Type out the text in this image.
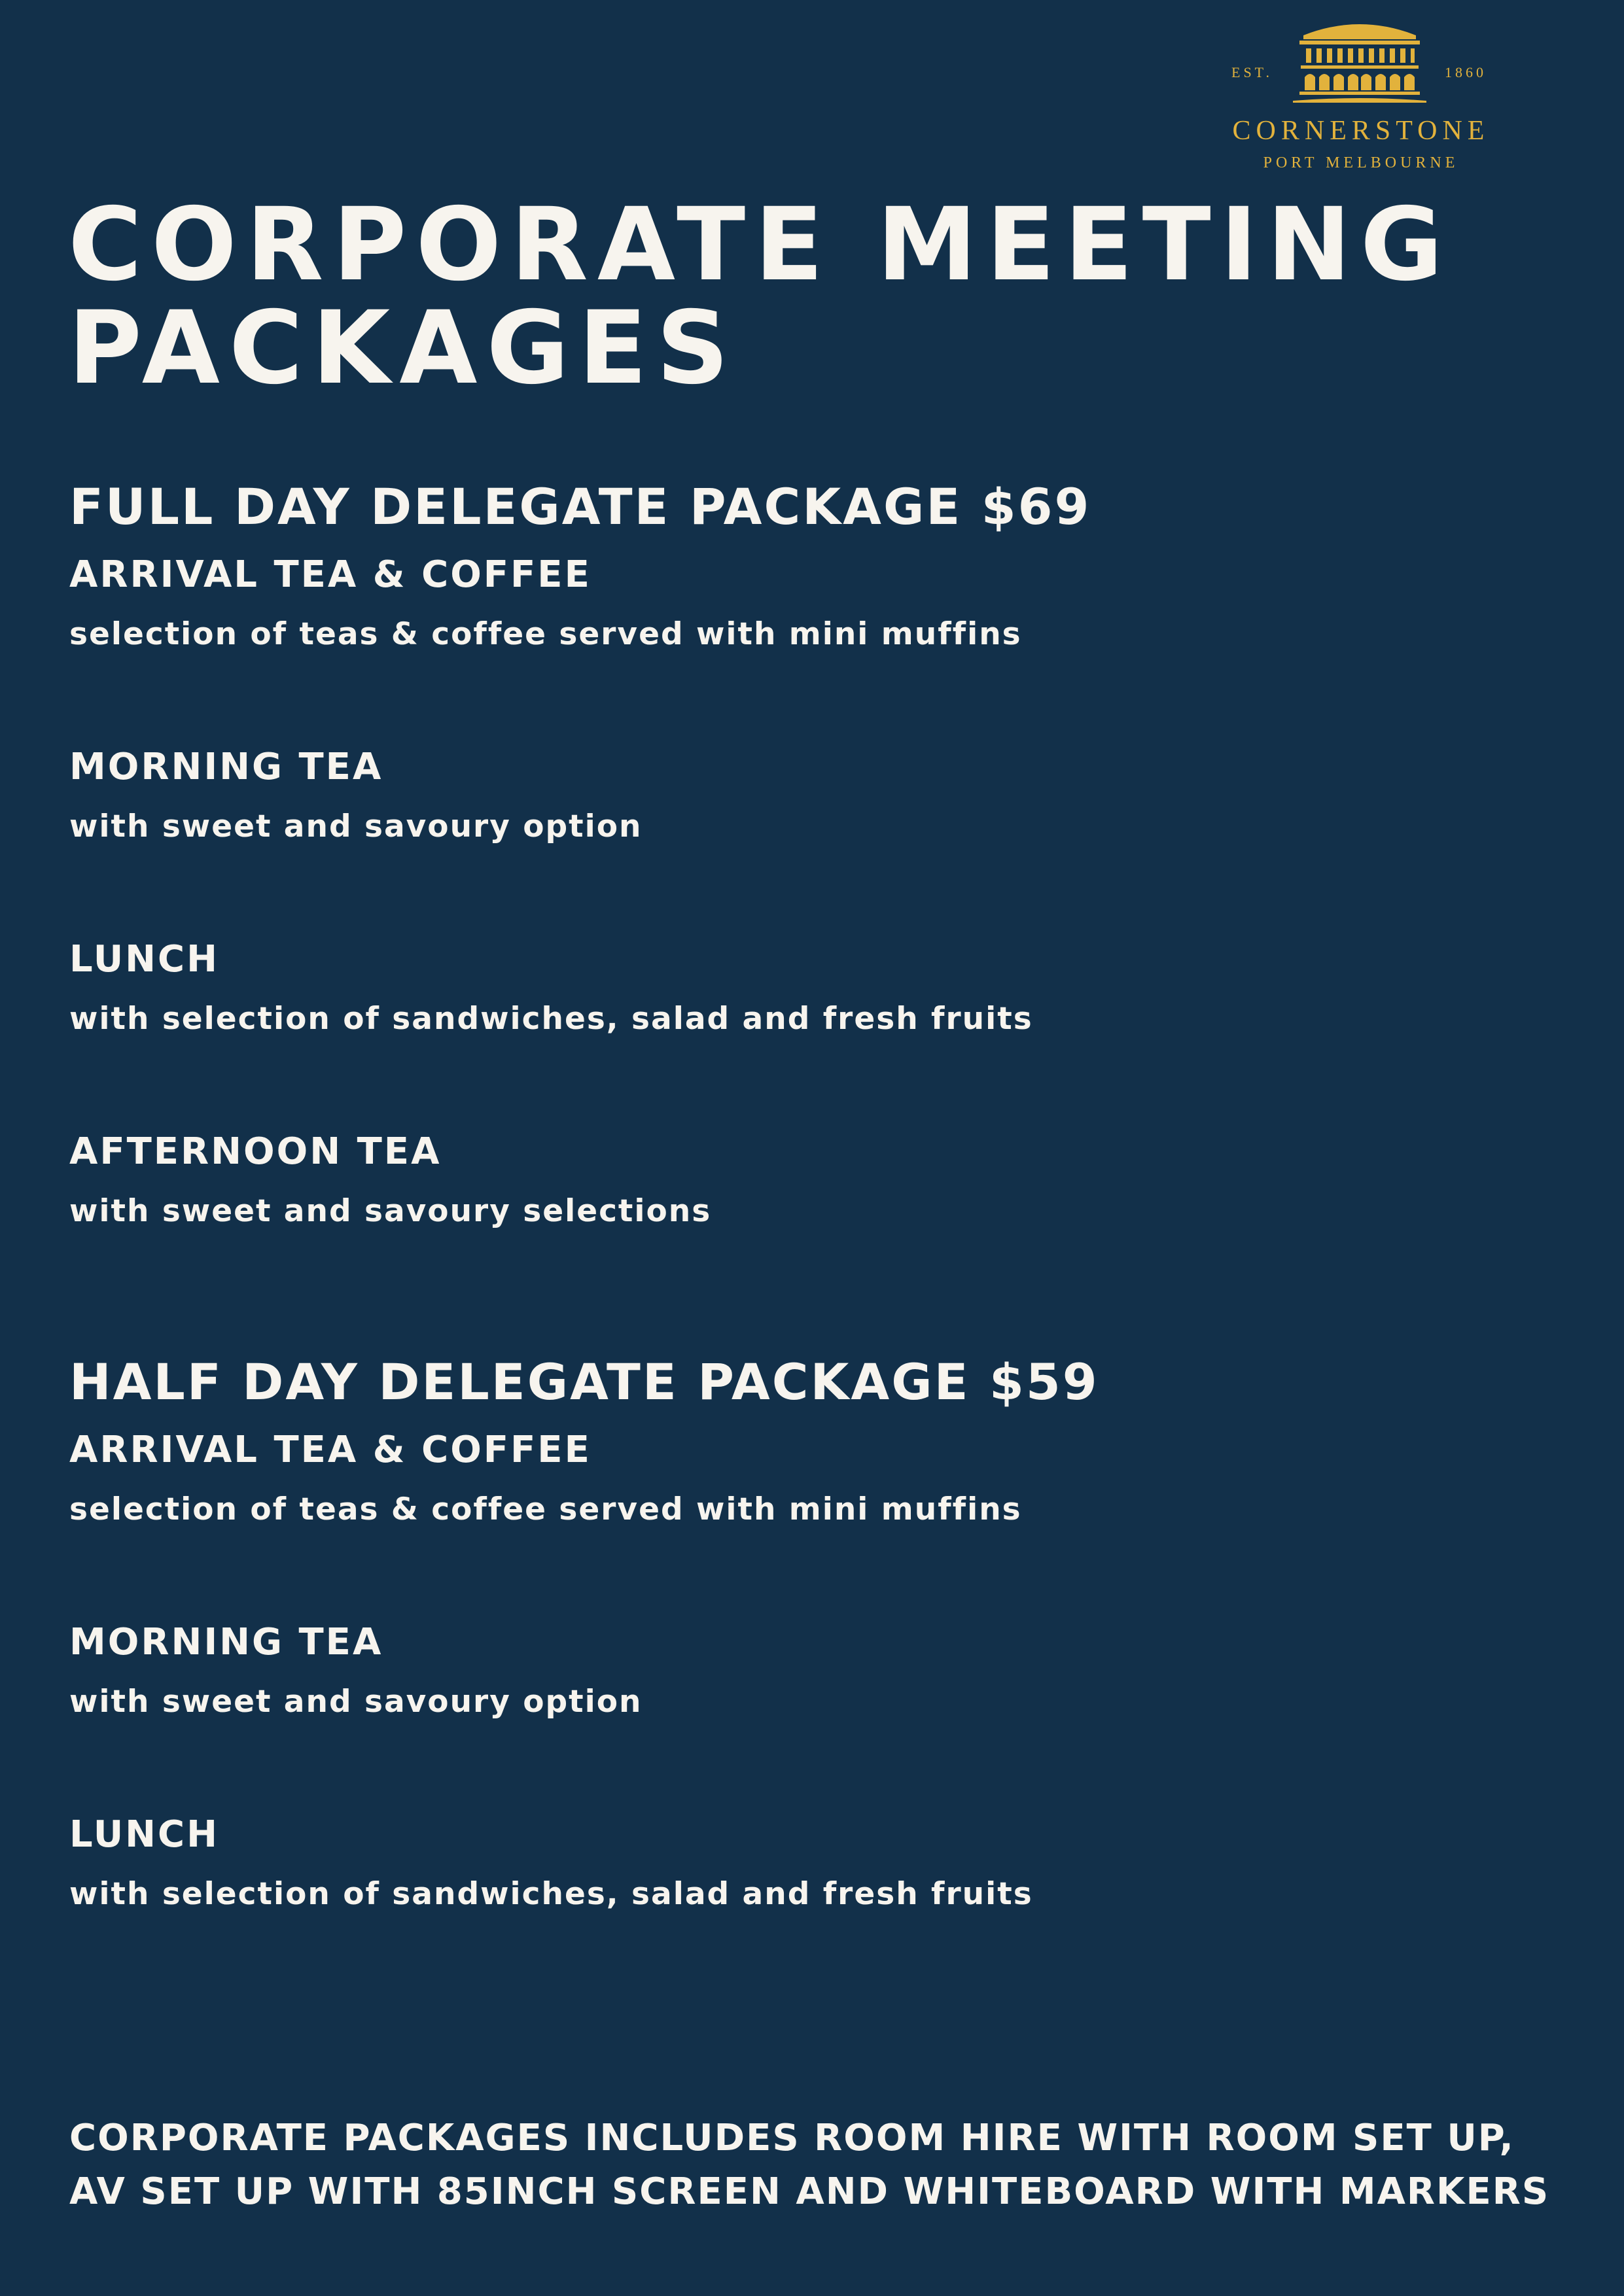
EST.	1860
CORNERSTONE
PORT MELBOURNE
CORPORATE MEETING
PACKAGES
FULL DAY DELEGATE PACKAGE $69
ARRIVAL TEA & COFFEE

selection of teas & coffee served with mini muffins

MORNING TEA

with sweet and savoury option

LUNCH

with selection of sandwiches, salad and fresh fruits

AFTERNOON TEA

with sweet and savoury selections

HALF DAY DELEGATE PACKAGE $59
ARRIVAL TEA & COFFEE

selection of teas & coffee served with mini muffins

MORNING TEA

with sweet and savoury option

LUNCH

with selection of sandwiches, salad and fresh fruits

CORPORATE PACKAGES INCLUDES ROOM HIRE WITH ROOM SET UP,

AV SET UP WITH 85INCH SCREEN AND WHITEBOARD WITH MARKERS
